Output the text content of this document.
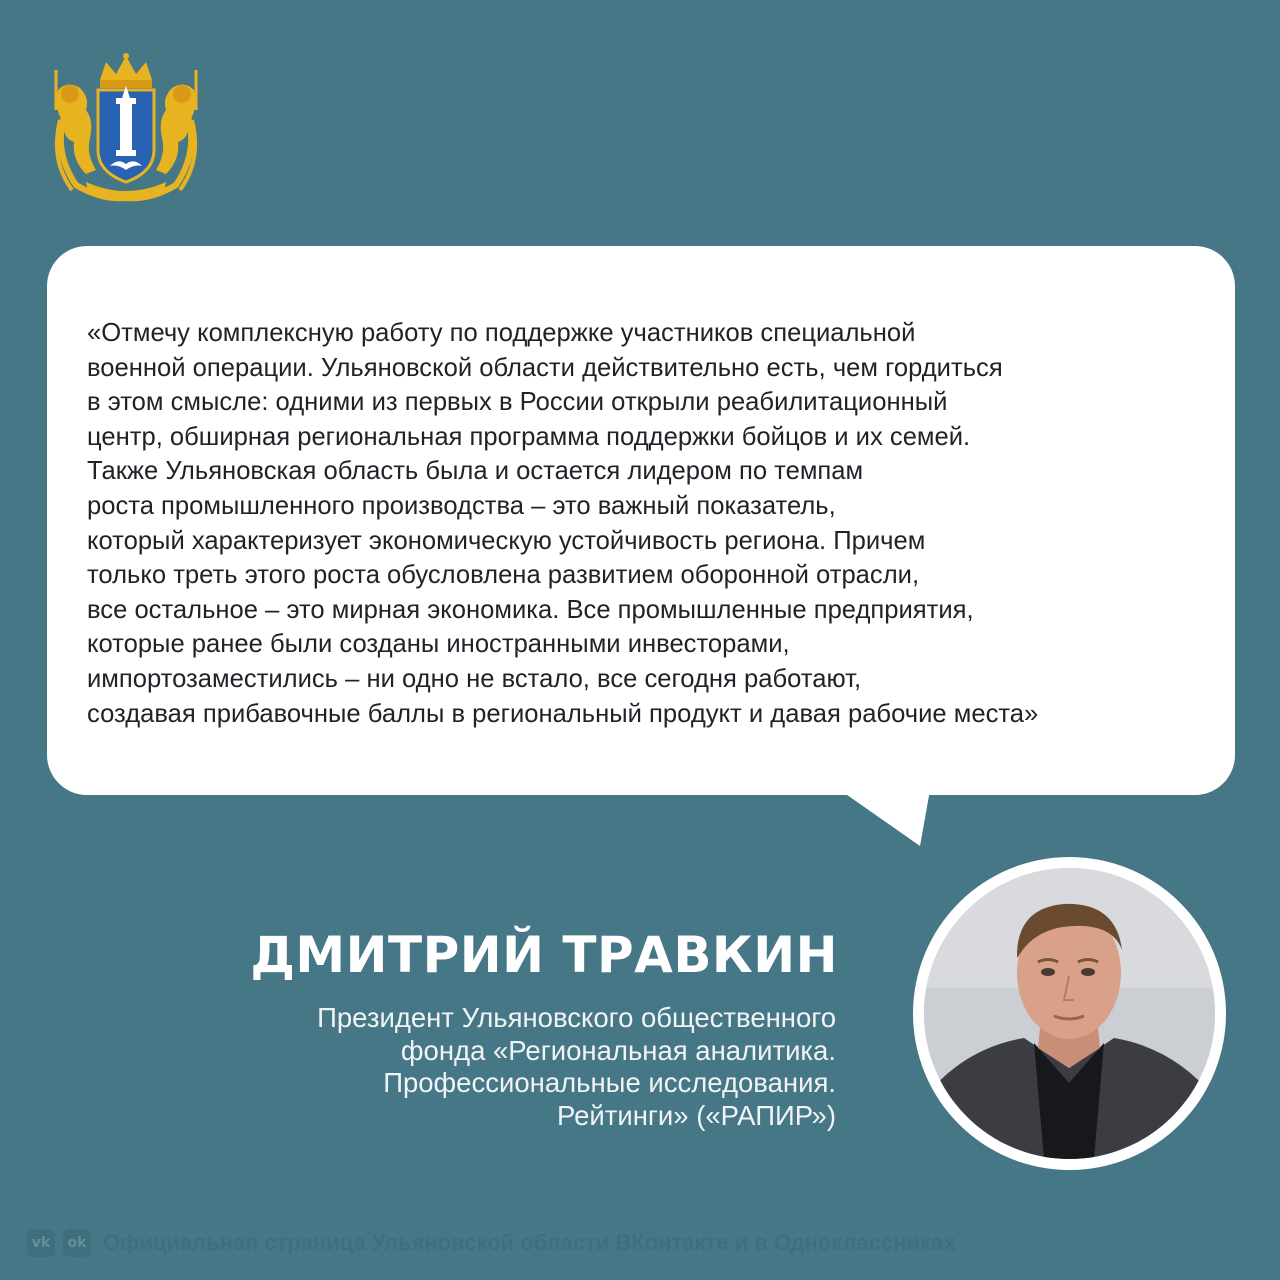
«Отмечу комплексную работу по поддержке участников специальной
военной операции. Ульяновской области действительно есть, чем гордиться
в этом смысле: одними из первых в России открыли реабилитационный
центр, обширная региональная программа поддержки бойцов и их семей.
Также Ульяновская область была и остается лидером по темпам
роста промышленного производства – это важный показатель,
который характеризует экономическую устойчивость региона. Причем
только треть этого роста обусловлена развитием оборонной отрасли,
все остальное – это мирная экономика. Все промышленные предприятия,
которые ранее были созданы иностранными инвесторами,
импортозаместились – ни одно не встало, все сегодня работают,
создавая прибавочные баллы в региональный продукт и давая рабочие места»

ДМИТРИЙ ТРАВКИН

Президент Ульяновского общественного
фонда «Региональная аналитика.
Профессиональные исследования.
Рейтинги» («РАПИР»)

vk	ok Официальная страница Ульяновской области ВКонтакте и в Одноклассниках
